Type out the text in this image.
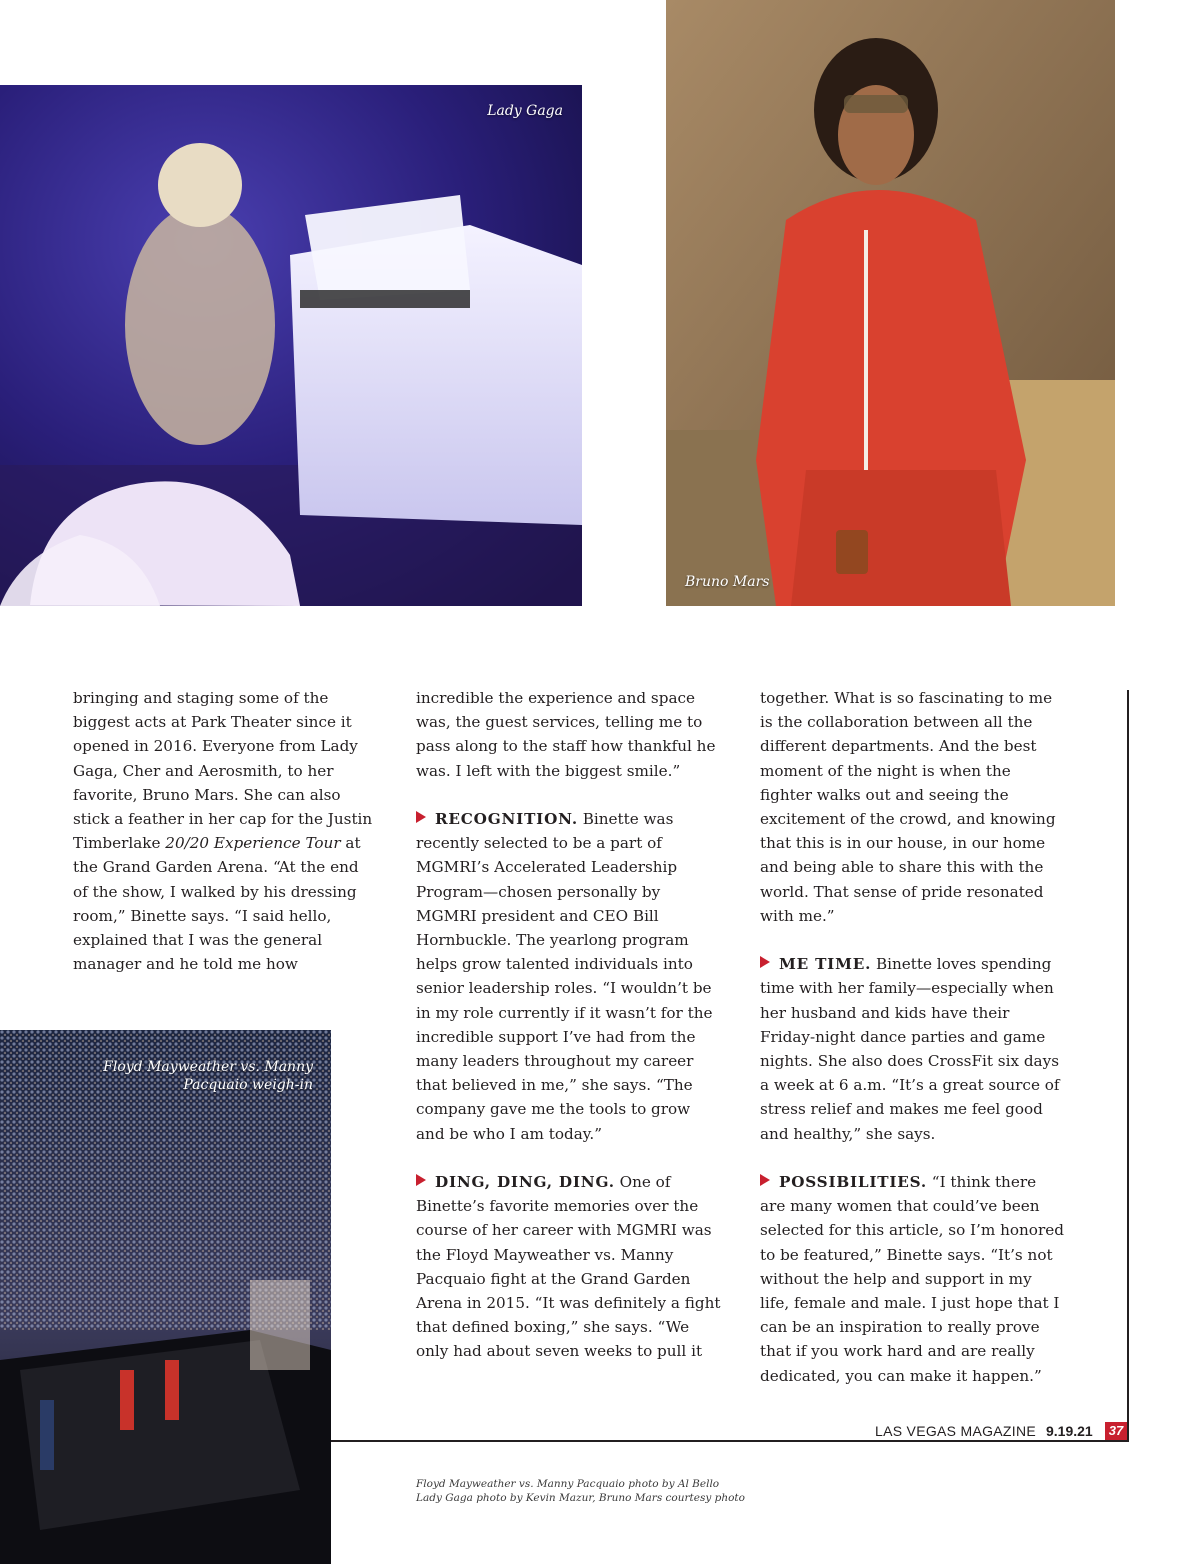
Lady Gaga
Bruno Mars
Floyd Mayweather vs. Manny
Pacquaio weigh-in

bringing and staging some of the biggest acts at Park Theater since it opened in 2016. Everyone from Lady Gaga, Cher and Aerosmith, to her favorite, Bruno Mars. She can also stick a feather in her cap for the Justin Timberlake 20/20 Experience Tour at the Grand Garden Arena. “At the end of the show, I walked by his dressing room,” Binette says. “I said hello, explained that I was the general manager and he told me how

incredible the experience and space was, the guest services, telling me to pass along to the staff how thankful he was. I left with the biggest smile.”

RECOGNITION. Binette was recently selected to be a part of MGMRI’s Accelerated Leadership Program—chosen personally by MGMRI president and CEO Bill Hornbuckle. The yearlong program helps grow talented individuals into senior leadership roles. “I wouldn’t be in my role currently if it wasn’t for the incredible support I’ve had from the many leaders throughout my career that believed in me,” she says. “The company gave me the tools to grow and be who I am today.”

DING, DING, DING. One of Binette’s favorite memories over the course of her career with MGMRI was the Floyd Mayweather vs. Manny Pacquaio fight at the Grand Garden Arena in 2015. “It was definitely a fight that defined boxing,” she says. “We only had about seven weeks to pull it

together. What is so fascinating to me is the collaboration between all the different departments. And the best moment of the night is when the fighter walks out and seeing the excitement of the crowd, and knowing that this is in our house, in our home and being able to share this with the world. That sense of pride resonated with me.”

ME TIME. Binette loves spending time with her family—especially when her husband and kids have their Friday-night dance parties and game nights. She also does CrossFit six days a week at 6 a.m. “It’s a great source of stress relief and makes me feel good and healthy,” she says.

POSSIBILITIES. “I think there are many women that could’ve been selected for this article, so I’m honored to be featured,” Binette says. “It’s not without the help and support in my life, female and male. I just hope that I can be an inspiration to really prove that if you work hard and are really dedicated, you can make it happen.”

Floyd Mayweather vs. Manny Pacquaio photo by Al Bello
Lady Gaga photo by Kevin Mazur, Bruno Mars courtesy photo
LAS VEGAS MAGAZINE 9.19.21	37
